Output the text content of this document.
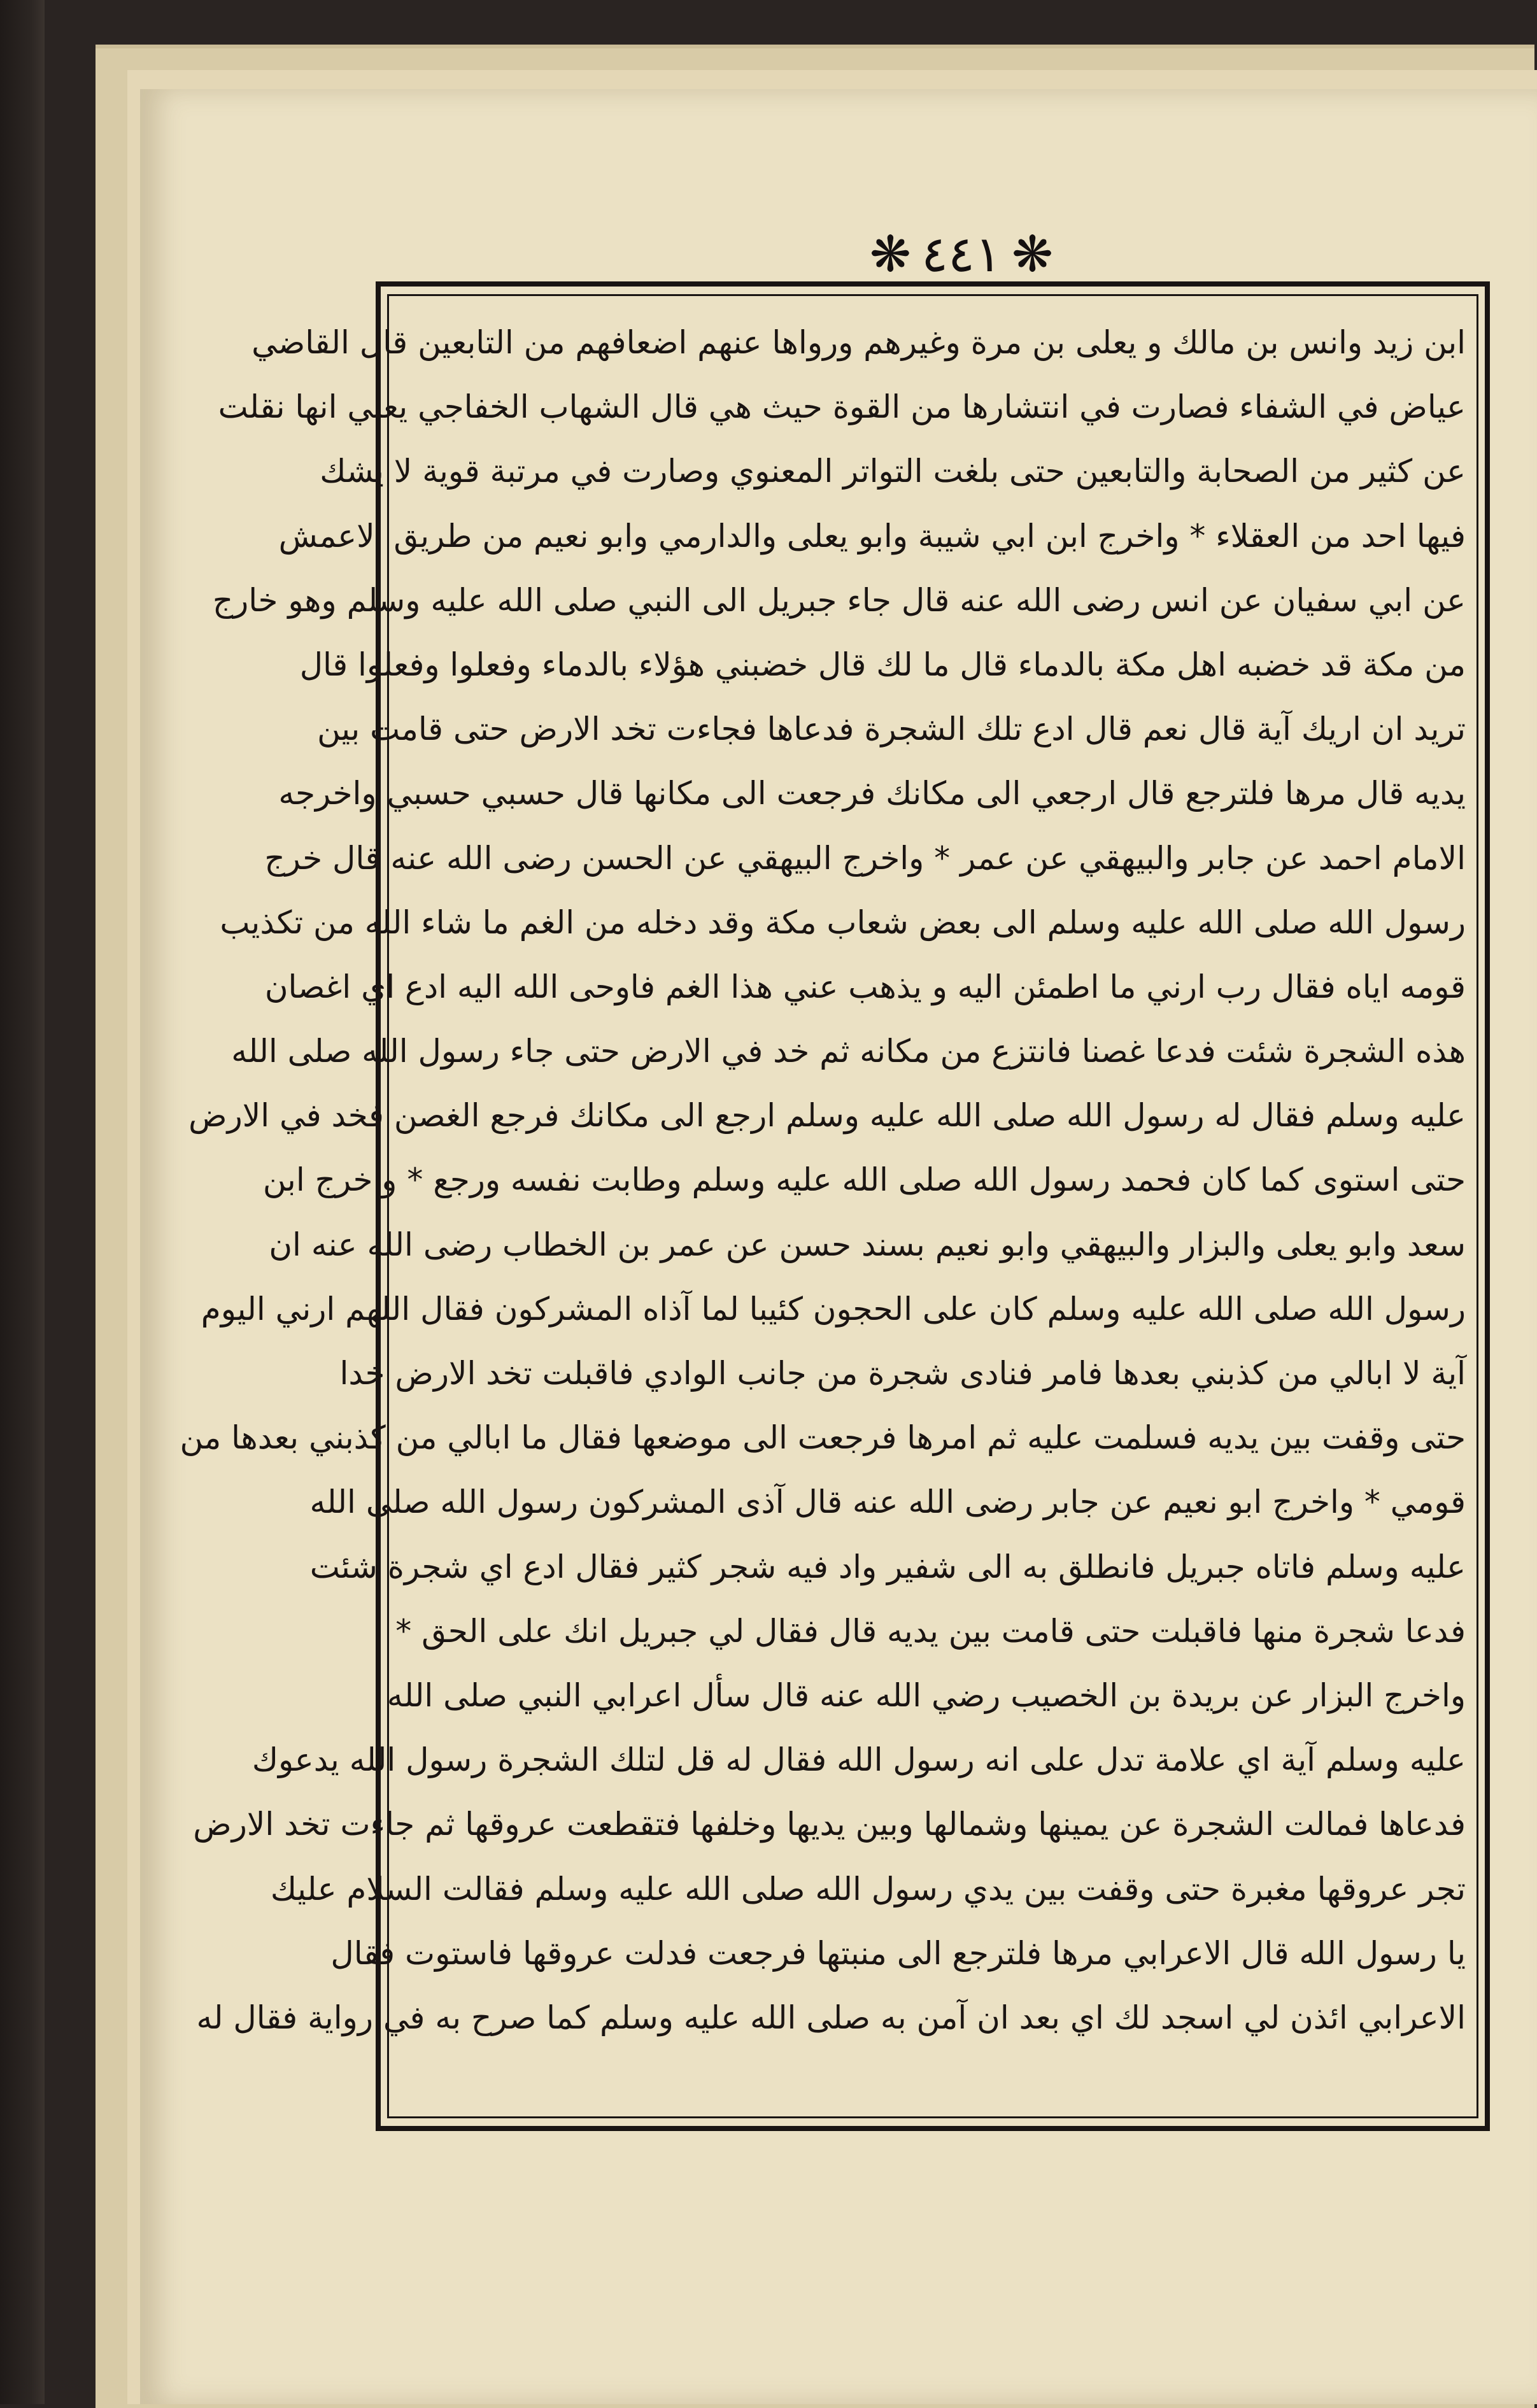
❋ ٤٤١ ❋
ابن زيد وانس بن مالك و يعلى بن مرة وغيرهم ورواها عنهم اضعافهم من التابعين قال القاضي
عياض في الشفاء فصارت في انتشارها من القوة حيث هي قال الشهاب الخفاجي يعني انها نقلت
عن كثير من الصحابة والتابعين حتى بلغت التواتر المعنوي وصارت في مرتبة قوية لا يشك
فيها احد من العقلاء * واخرج ابن ابي شيبة وابو يعلى والدارمي وابو نعيم من طريق الاعمش
عن ابي سفيان عن انس رضى الله عنه قال جاء جبريل الى النبي صلى الله عليه وسلم وهو خارج
من مكة قد خضبه اهل مكة بالدماء قال ما لك قال خضبني هؤلاء بالدماء وفعلوا وفعلوا قال
تريد ان اريك آية قال نعم قال ادع تلك الشجرة فدعاها فجاءت تخد الارض حتى قامت بين
يديه قال مرها فلترجع قال ارجعي الى مكانك فرجعت الى مكانها قال حسبي حسبي واخرجه
الامام احمد عن جابر والبيهقي عن عمر * واخرج البيهقي عن الحسن رضى الله عنه قال خرج
رسول الله صلى الله عليه وسلم الى بعض شعاب مكة وقد دخله من الغم ما شاء الله من تكذيب
قومه اياه فقال رب ارني ما اطمئن اليه و يذهب عني هذا الغم فاوحى الله اليه ادع اي اغصان
هذه الشجرة شئت فدعا غصنا فانتزع من مكانه ثم خد في الارض حتى جاء رسول الله صلى الله
عليه وسلم فقال له رسول الله صلى الله عليه وسلم ارجع الى مكانك فرجع الغصن فخد في الارض
حتى استوى كما كان فحمد رسول الله صلى الله عليه وسلم وطابت نفسه ورجع * واخرج ابن
سعد وابو يعلى والبزار والبيهقي وابو نعيم بسند حسن عن عمر بن الخطاب رضى الله عنه ان
رسول الله صلى الله عليه وسلم كان على الحجون كئيبا لما آذاه المشركون فقال اللهم ارني اليوم
آية لا ابالي من كذبني بعدها فامر فنادى شجرة من جانب الوادي فاقبلت تخد الارض خدا
حتى وقفت بين يديه فسلمت عليه ثم امرها فرجعت الى موضعها فقال ما ابالي من كذبني بعدها من
قومي * واخرج ابو نعيم عن جابر رضى الله عنه قال آذى المشركون رسول الله صلى الله
عليه وسلم فاتاه جبريل فانطلق به الى شفير واد فيه شجر كثير فقال ادع اي شجرة شئت
فدعا شجرة منها فاقبلت حتى قامت بين يديه قال فقال لي جبريل انك على الحق *
واخرج البزار عن بريدة بن الخصيب رضي الله عنه قال سأل اعرابي النبي صلى الله
عليه وسلم آية اي علامة تدل على انه رسول الله فقال له قل لتلك الشجرة رسول الله يدعوك
فدعاها فمالت الشجرة عن يمينها وشمالها وبين يديها وخلفها فتقطعت عروقها ثم جاءت تخد الارض
تجر عروقها مغبرة حتى وقفت بين يدي رسول الله صلى الله عليه وسلم فقالت السلام عليك
يا رسول الله قال الاعرابي مرها فلترجع الى منبتها فرجعت فدلت عروقها فاستوت فقال
الاعرابي ائذن لي اسجد لك اي بعد ان آمن به صلى الله عليه وسلم كما صرح به في رواية فقال له
